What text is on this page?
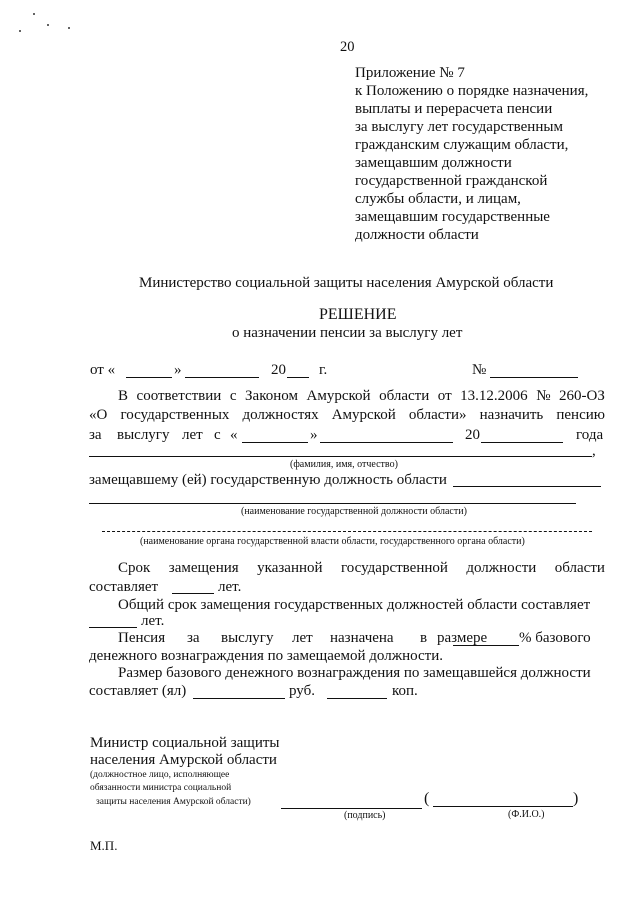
20
Приложение № 7
к Положению о порядке назначения,
выплаты и перерасчета пенсии
за выслугу лет государственным
гражданским служащим области,
замещавшим должности
государственной гражданской
службы области, и лицам,
замещавшим государственные
должности области
Министерство социальной защиты населения Амурской области
РЕШЕНИЕ
о назначении пенсии за выслугу лет
от «	»	20 г.	№
В соответствии с Законом Амурской области от 13.12.2006 № 260-ОЗ
«О государственных должностях Амурской области» назначить пенсию
за выслугу лет с «	»	20	года
,
(фамилия, имя, отчество)
замещавшему (ей) государственную должность области
(наименование государственной должности области)
(наименование органа государственной власти области, государственного органа области)
Срок замещения указанной государственной должности области
составляет	лет.
Общий срок замещения государственных должностей области составляет
лет.
Пенсия за выслугу лет назначена в размере % базового
денежного вознаграждения по замещаемой должности.
Размер базового денежного вознаграждения по замещавшейся должности
составляет (ял)	руб.	коп.
Министр социальной защиты
населения Амурской области
(должностное лицо, исполняющее
обязанности министра социальной
защиты населения Амурской области)	(	)
(подпись)	(Ф.И.О.)
М.П.
